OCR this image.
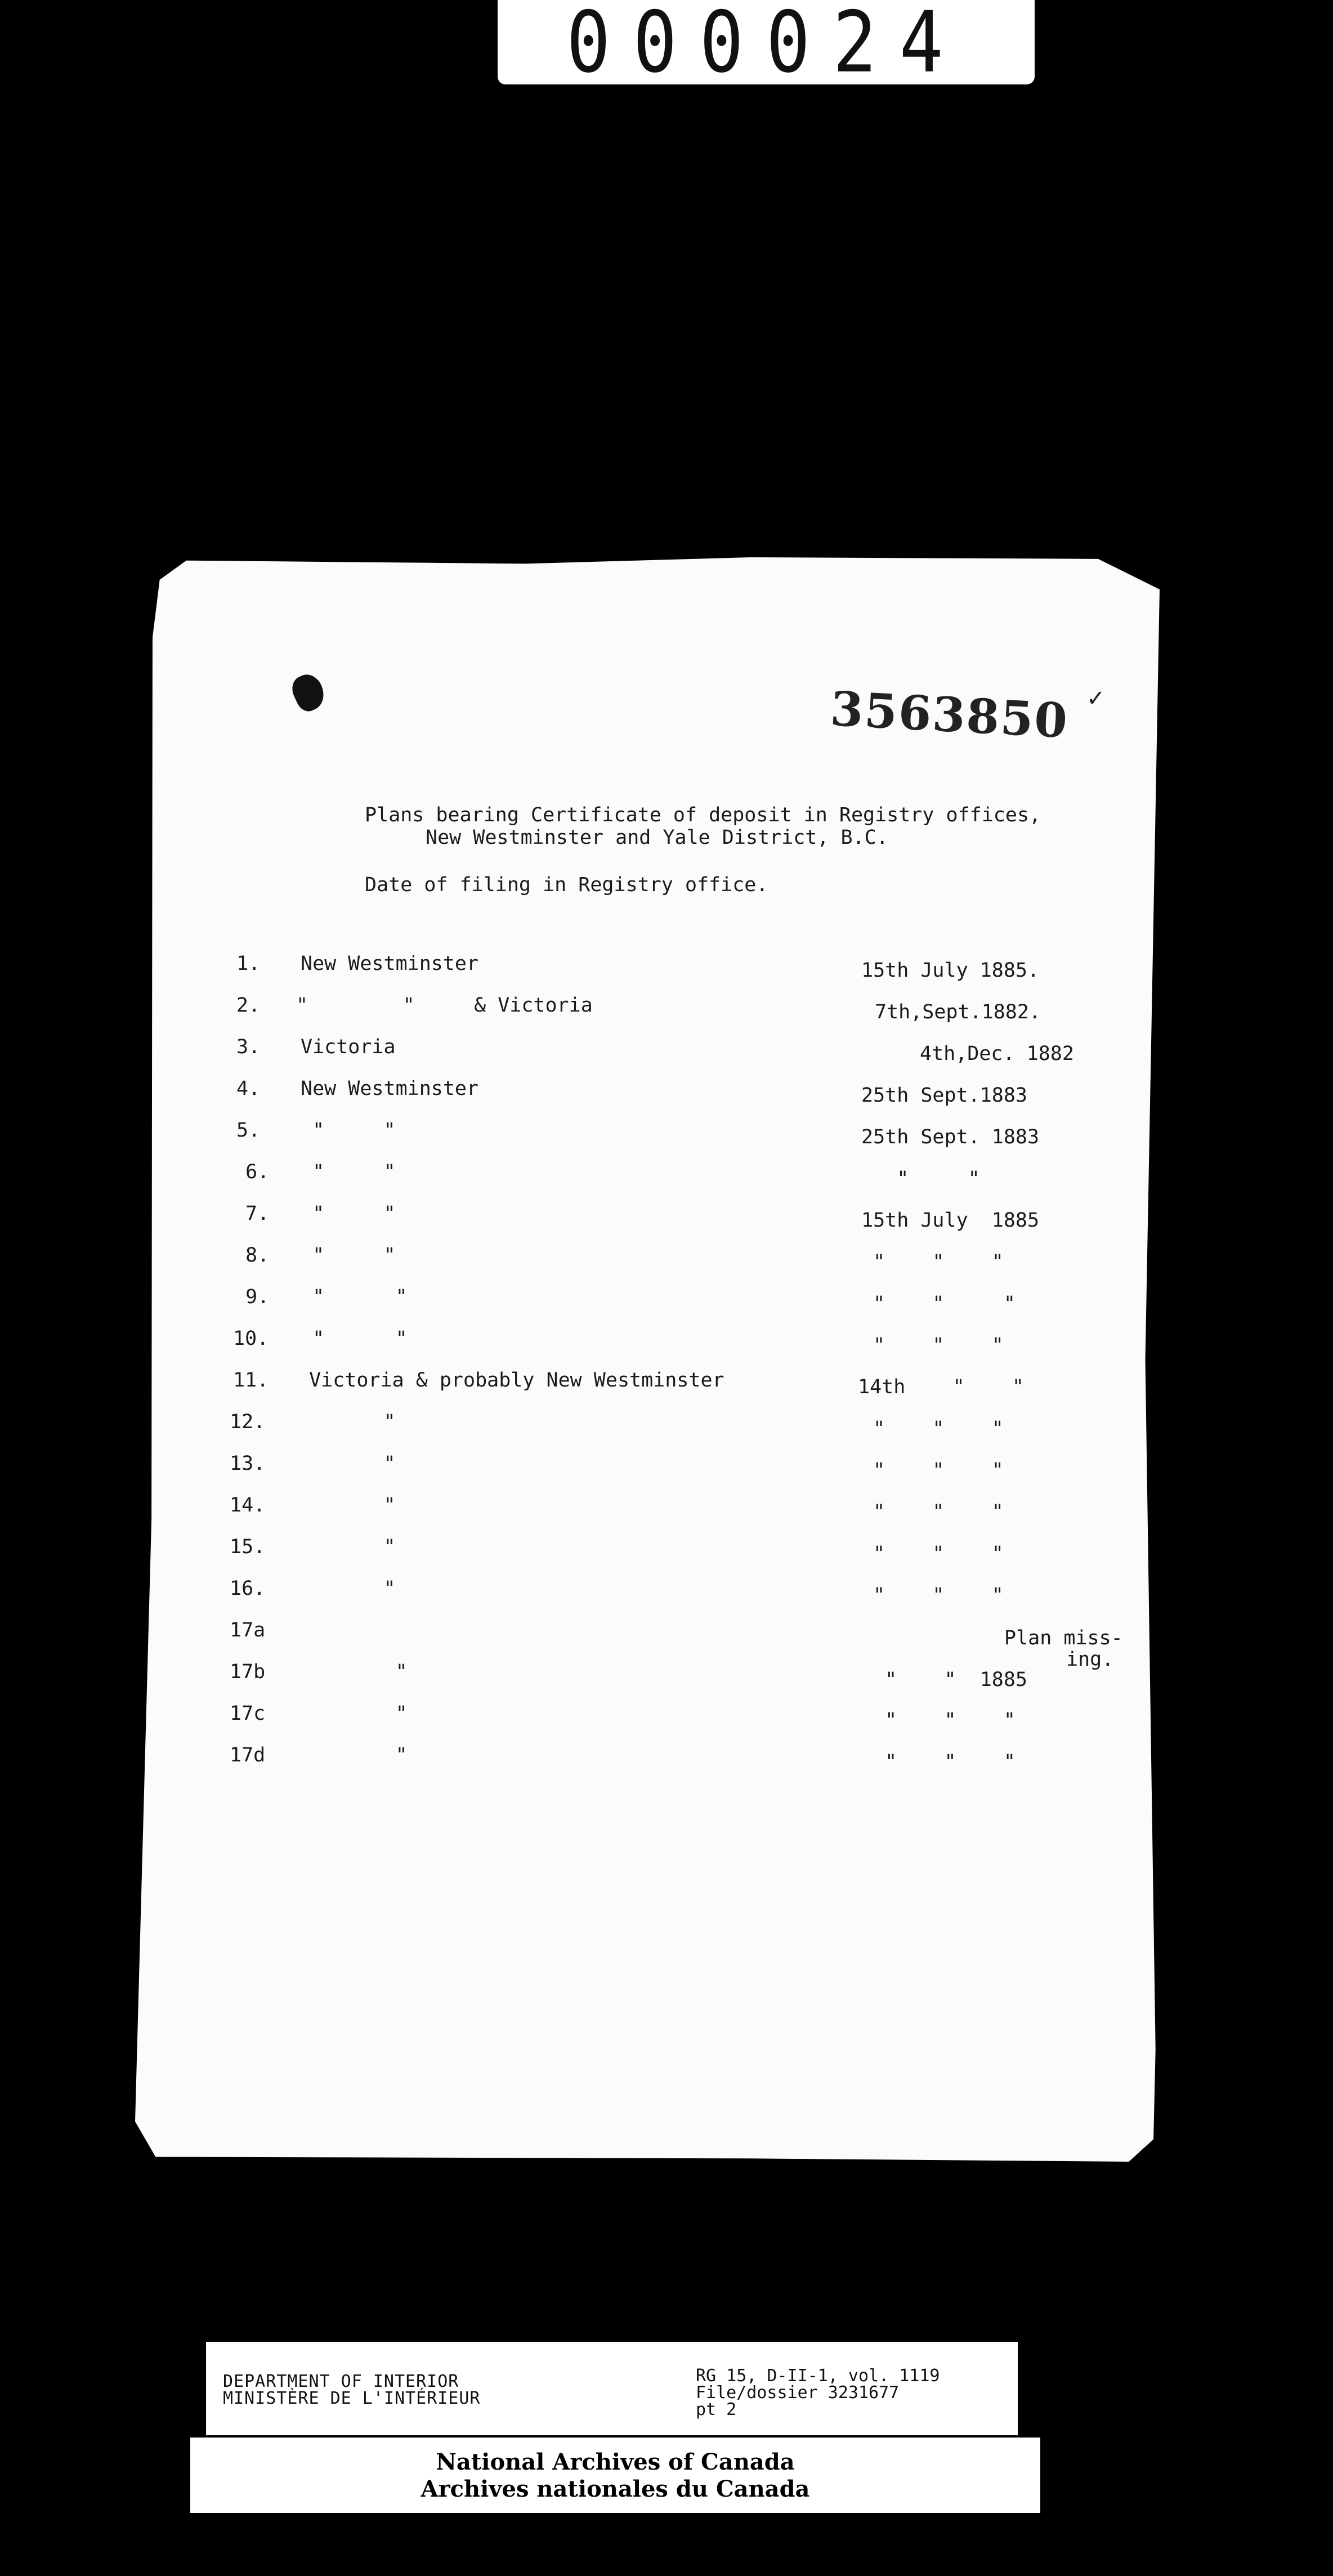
000024
✓
3563850
Plans bearing Certificate of deposit in Registry offices,
New Westminster and Yale District, B.C.
Date of filing in Registry office.
1.
2.
3.
4.
5.
6.
7.
8.
9.
10.
11.
12.
13.
14.
15.
16.
17a
17b
17c
17d
New Westminster
"        "     & Victoria
Victoria
New Westminster
"     "
"     "
"     "
"     "
"      "
"      "
Victoria & probably New Westminster
"
"
"
"
"
"
"
"
15th July 1885.
7th,Sept.1882.
4th,Dec. 1882
25th Sept.1883
25th Sept. 1883
"     "
15th July  1885
"    "    "
"    "     "
"    "    "
14th    "    "
"    "    "
"    "    "
"    "    "
"    "    "
"    "    "
"    "  1885
"    "    "
"    "    "
Plan miss-
ing.
DEPARTMENT OF INTERIOR
MINISTÈRE DE L'INTÉRIEUR
RG 15, D-II-1, vol. 1119
File/dossier 3231677
pt 2
National Archives of Canada
Archives nationales du Canada
